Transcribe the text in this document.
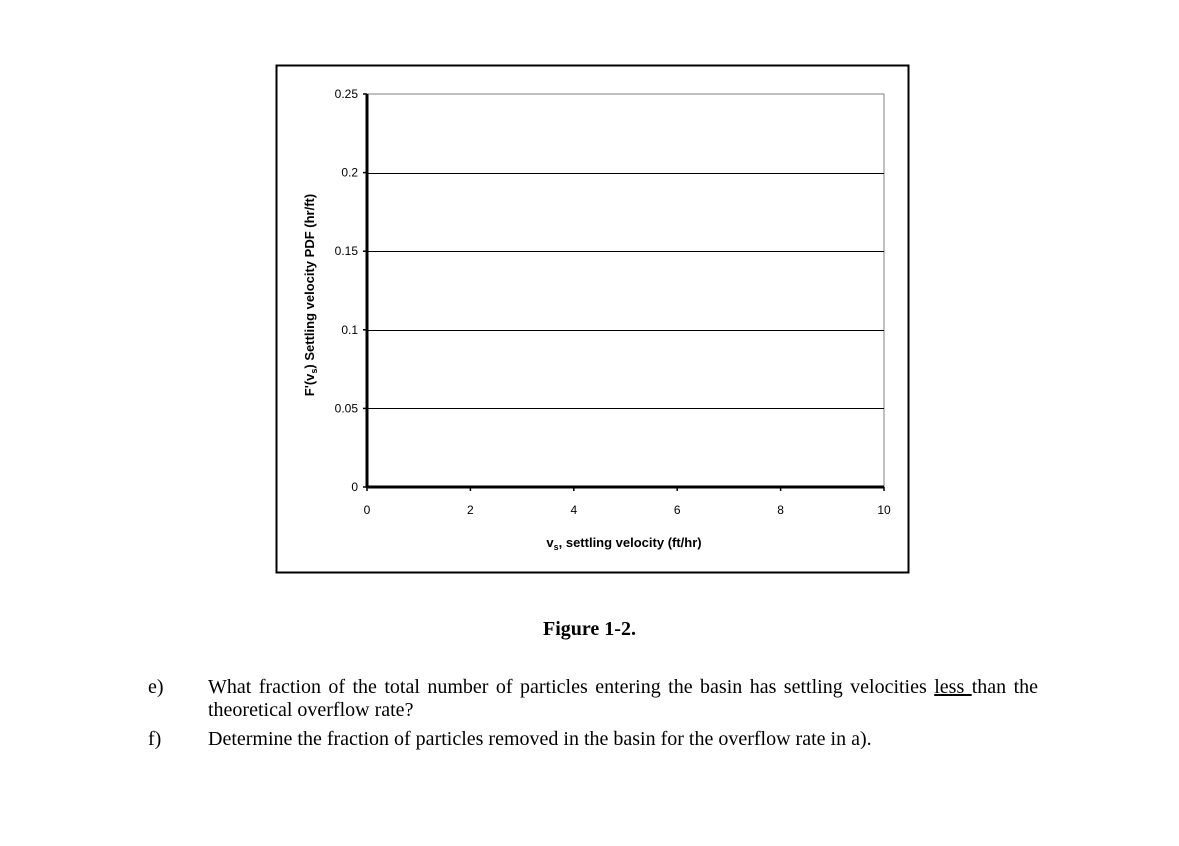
0
0.05
0.1
0.15
0.2
0.25
0	2	4	6	8	10
$v_s$, settling velocity (ft/hr)
$F'(v_s)$ Settling velocity PDF (hr/ft)
Figure 1-2.
e) What fraction of the total number of particles entering the basin has settling velocities less than the theoretical overflow rate?
f) Determine the fraction of particles removed in the basin for the overflow rate in a).
